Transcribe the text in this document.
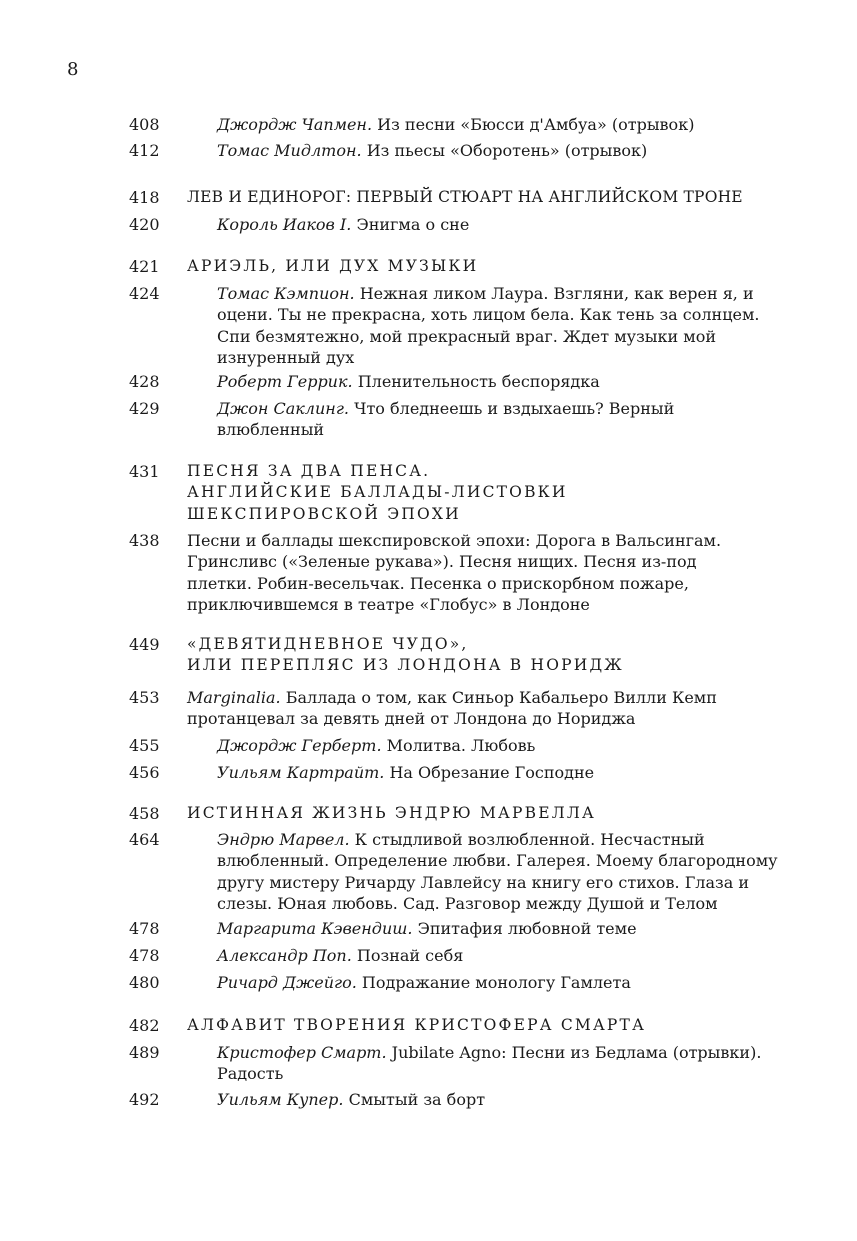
8
408	Джордж Чапмен. Из песни «Бюсси д'Амбуа» (отрывок)
412	Томас Мидлтон. Из пьесы «Оборотень» (отрывок)
418 ЛЕВ И ЕДИНОРОГ: ПЕРВЫЙ СТЮАРТ НА АНГЛИЙСКОМ ТРОНЕ
420	Король Иаков I. Энигма о сне
421 АРИЭЛЬ, ИЛИ ДУХ МУЗЫКИ
424	Томас Кэмпион. Нежная ликом Лаура. Взгляни, как верен я, и
оцени. Ты не прекрасна, хоть лицом бела. Как тень за солнцем.
Спи безмятежно, мой прекрасный враг. Ждет музыки мой
изнуренный дух
428	Роберт Геррик. Пленительность беспорядка
429	Джон Саклинг. Что бледнеешь и вздыхаешь? Верный
влюбленный
431 ПЕСНЯ ЗА ДВА ПЕНСА.
АНГЛИЙСКИЕ БАЛЛАДЫ-ЛИСТОВКИ
ШЕКСПИРОВСКОЙ ЭПОХИ
438 Песни и баллады шекспировской эпохи: Дорога в Вальсингам.
Гринсливс («Зеленые рукава»). Песня нищих. Песня из-под
плетки. Робин-весельчак. Песенка о прискорбном пожаре,
приключившемся в театре «Глобус» в Лондоне
449 «ДЕВЯТИДНЕВНОЕ ЧУДО»,
ИЛИ ПЕРЕПЛЯС ИЗ ЛОНДОНА В НОРИДЖ
453 Marginalia. Баллада о том, как Синьор Кабальеро Вилли Кемп
протанцевал за девять дней от Лондона до Нориджа
455	Джордж Герберт. Молитва. Любовь
456	Уильям Картрайт. На Обрезание Господне
458 ИСТИННАЯ ЖИЗНЬ ЭНДРЮ МАРВЕЛЛА
464	Эндрю Марвел. К стыдливой возлюбленной. Несчастный
влюбленный. Определение любви. Галерея. Моему благородному
другу мистеру Ричарду Лавлейсу на книгу его стихов. Глаза и
слезы. Юная любовь. Сад. Разговор между Душой и Телом
478	Маргарита Кэвендиш. Эпитафия любовной теме
478	Александр Поп. Познай себя
480	Ричард Джейго. Подражание монологу Гамлета
482 АЛФАВИТ ТВОРЕНИЯ КРИСТОФЕРА СМАРТА
489	Кристофер Смарт. Jubilate Agno: Песни из Бедлама (отрывки).
Радость
492	Уильям Купер. Смытый за борт
